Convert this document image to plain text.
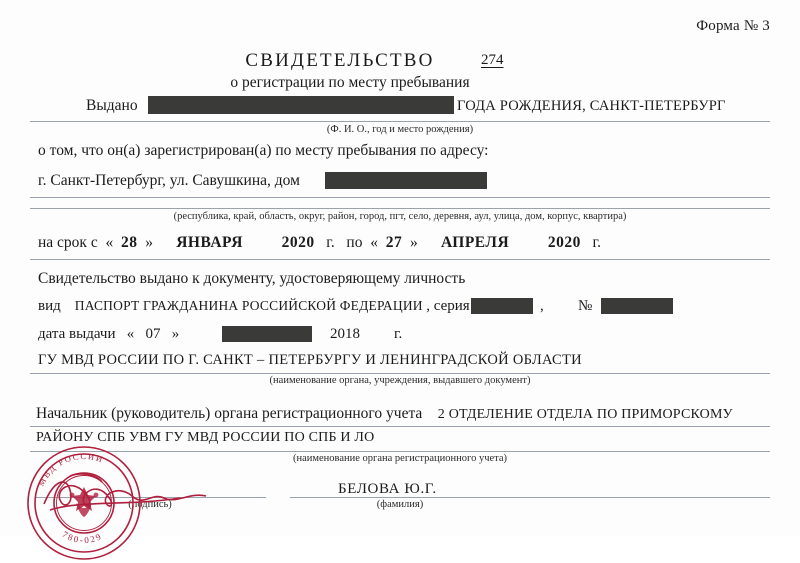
Форма № 3
СВИДЕТЕЛЬСТВО	274
о регистрации по месту пребывания
Выдано	ГОДА РОЖДЕНИЯ, САНКТ-ПЕТЕРБУРГ
(Ф. И. О., год и место рождения)
о том, что он(а) зарегистрирован(а) по месту пребывания по адресу:
г. Санкт-Петербург, ул. Савушкина, дом
(республика, край, область, округ, район, город, пгт, село, деревня, аул, улица, дом, корпус, квартира)
на срок с  «  28  »      ЯНВАРЯ	2020 г. по  «  27  »      АПРЕЛЯ	2020 г.
Свидетельство выдано к документу, удостоверяющему личность
вид ПАСПОРТ ГРАЖДАНИНА РОССИЙСКОЙ ФЕДЕРАЦИИ , серия	, №
дата выдачи   «   07   »	2018 г.
ГУ МВД РОССИИ ПО Г. САНКТ – ПЕТЕРБУРГУ И ЛЕНИНГРАДСКОЙ ОБЛАСТИ
(наименование органа, учреждения, выдавшего документ)
Начальник (руководитель) органа регистрационного учета 2 ОТДЕЛЕНИЕ ОТДЕЛА ПО ПРИМОРСКОМУ
РАЙОНУ СПБ УВМ ГУ МВД РОССИИ ПО СПБ И ЛО
(наименование органа регистрационного учета)
(подпись)
БЕЛОВА Ю.Г.
(фамилия)
МВД РОССИИ
780-029
